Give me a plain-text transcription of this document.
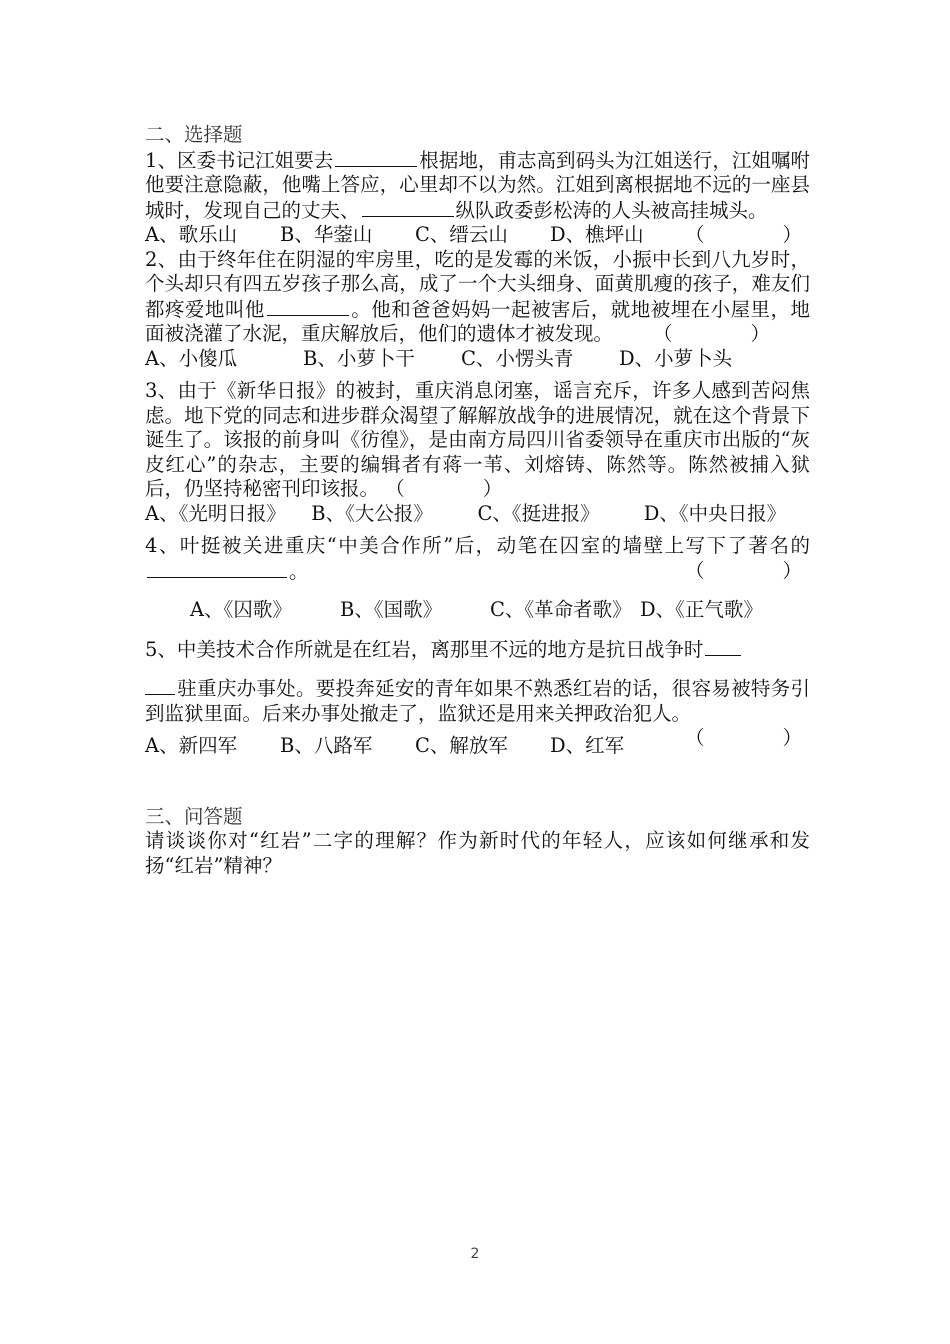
二、选择题

1、区委书记江姐要去	根据地，甫志高到码头为江姐送行，江姐嘱咐他要注意隐蔽，他嘴上答应，心里却不以为然。江姐到离根据地不远的一座县城时，发现自己的丈夫、	纵队政委彭松涛的人头被高挂城头。
（　　　　）

A、歌乐山	B、华蓥山	C、缙云山	D、樵坪山

2、由于终年住在阴湿的牢房里，吃的是发霉的米饭，小振中长到八九岁时，个头却只有四五岁孩子那么高，成了一个大头细身、面黄肌瘦的孩子，难友们都疼爱地叫他	。他和爸爸妈妈一起被害后，就地被埋在小屋里，地面被浇灌了水泥，重庆解放后，他们的遗体才被发现。 （　　　　）

A、小傻瓜	B、小萝卜干	C、小愣头青	D、小萝卜头

3、由于《新华日报》的被封，重庆消息闭塞，谣言充斥，许多人感到苦闷焦虑。地下党的同志和进步群众渴望了解解放战争的进展情况，就在这个背景下诞生了。该报的前身叫《彷徨》，是由南方局四川省委领导在重庆市出版的“灰皮红心”的杂志，主要的编辑者有蒋一苇、刘熔铸、陈然等。陈然被捕入狱后，仍坚持秘密刊印该报。 （　　　　）

A、《光明日报》	B、《大公报》	C、《挺进报》	D、《中央日报》

4、叶挺被关进重庆“中美合作所”后，动笔在囚室的墙壁上写下了著名的。	（　　　　）

A、《囚歌》	B、《国歌》	C、《革命者歌》 D、《正气歌》

5、中美技术合作所就是在红岩，离那里不远的地方是抗日战争时

驻重庆办事处。要投奔延安的青年如果不熟悉红岩的话，很容易被特务引到监狱里面。后来办事处撤走了，监狱还是用来关押政治犯人。
（　　　　）

A、新四军	B、八路军	C、解放军	D、红军

三、问答题

请谈谈你对“红岩”二字的理解？作为新时代的年轻人，应该如何继承和发扬“红岩”精神？

2
